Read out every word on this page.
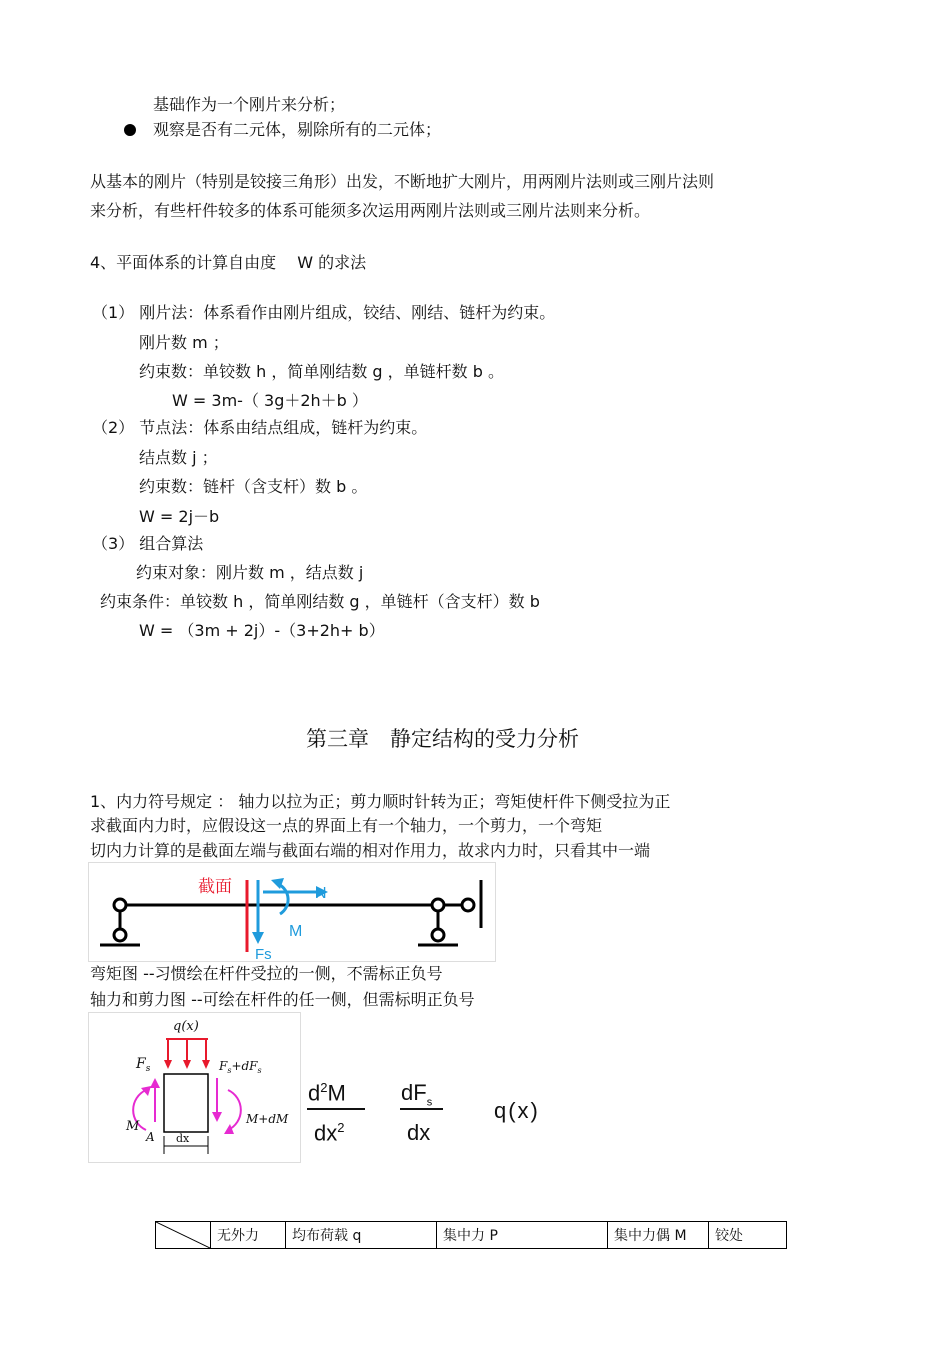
基础作为一个刚片来分析；
观察是否有二元体，剔除所有的二元体；
从基本的刚片（特别是铰接三角形）出发，不断地扩大刚片，用两刚片法则或三刚片法则
来分析，有些杆件较多的体系可能须多次运用两刚片法则或三刚片法则来分析。
4、平面体系的计算自由度　 W 的求法
（1） 刚片法：体系看作由刚片组成，铰结、刚结、链杆为约束。
刚片数 m ；
约束数：单铰数 h ，简单刚结数 g ，单链杆数 b 。
W = 3m-（ 3g＋2h＋b ）
（2） 节点法：体系由结点组成，链杆为约束。
结点数 j ；
约束数：链杆（含支杆）数 b 。
W = 2j－b
（3） 组合算法
约束对象：刚片数 m ，结点数 j
约束条件：单铰数 h ，简单刚结数 g ，单链杆（含支杆）数 b
W = （3m + 2j）-（3+2h+ b）
第三章　静定结构的受力分析
1、内力符号规定 ： 轴力以拉为正；剪力顺时针转为正；弯矩使杆件下侧受拉为正
求截面内力时，应假设这一点的界面上有一个轴力，一个剪力，一个弯矩
切内力计算的是截面左端与截面右端的相对作用力，故求内力时，只看其中一端
截面
Fs
N
M
弯矩图 --习惯绘在杆件受拉的一侧，不需标正负号
轴力和剪力图 --可绘在杆件的任一侧，但需标明正负号
q(x)
$F_s$	$F_s+dF_s$
M
A
M+dM
dx
$d^2M$
$dx^2$
$dF_s$
dx
q(x)
	无外力	均布荷载 q	集中力 P	集中力偶 M	铰处
